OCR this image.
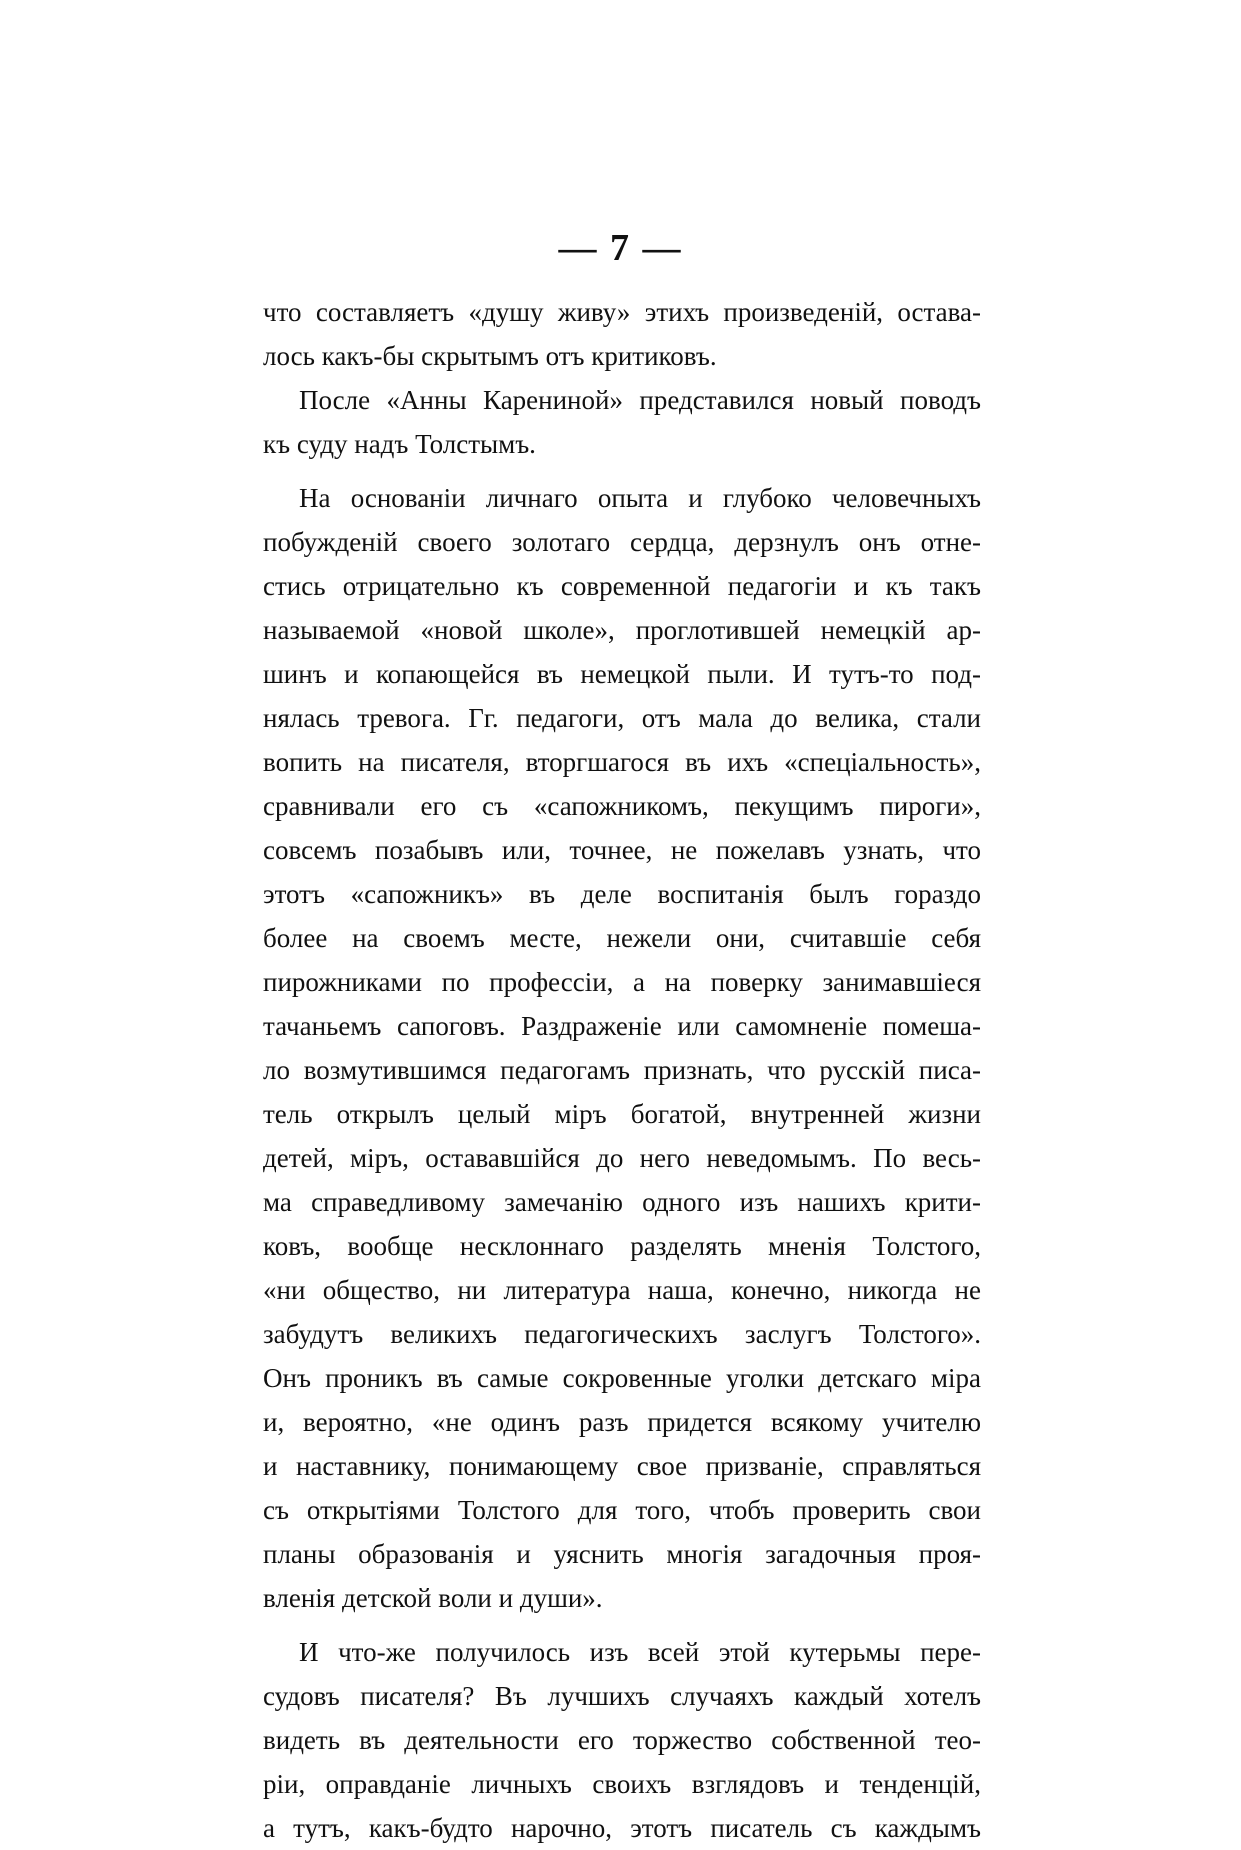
— 7 —
что составляетъ «душу живу» этихъ произведеній, остава-
лось какъ-бы скрытымъ отъ критиковъ.
После «Анны Карениной» представился новый поводъ
къ суду надъ Толстымъ.
На основаніи личнаго опыта и глубоко человечныхъ
побужденій своего золотаго сердца, дерзнулъ онъ отне-
стись отрицательно къ современной педагогіи и къ такъ
называемой «новой школе», проглотившей немецкій ар-
шинъ и копающейся въ немецкой пыли. И тутъ-то под-
нялась тревога. Гг. педагоги, отъ мала до велика, стали
вопить на писателя, вторгшагося въ ихъ «спеціальность»,
сравнивали его съ «сапожникомъ, пекущимъ пироги»,
совсемъ позабывъ или, точнее, не пожелавъ узнать, что
этотъ «сапожникъ» въ деле воспитанія былъ гораздо
более на своемъ месте, нежели они, считавшіе себя
пирожниками по профессіи, а на поверку занимавшіеся
тачаньемъ сапоговъ. Раздраженіе или самомненіе помеша-
ло возмутившимся педагогамъ признать, что русскій писа-
тель открылъ целый міръ богатой, внутренней жизни
детей, міръ, остававшійся до него неведомымъ. По весь-
ма справедливому замечанію одного изъ нашихъ крити-
ковъ, вообще несклоннаго разделять мненія Толстого,
«ни общество, ни литература наша, конечно, никогда не
забудутъ великихъ педагогическихъ заслугъ Толстого».
Онъ проникъ въ самые сокровенные уголки детскаго міра
и, вероятно, «не одинъ разъ придется всякому учителю
и наставнику, понимающему свое призваніе, справляться
съ открытіями Толстого для того, чтобъ проверить свои
планы образованія и уяснить многія загадочныя проя-
вленія детской воли и души».
И что-же получилось изъ всей этой кутерьмы пере-
судовъ писателя? Въ лучшихъ случаяхъ каждый хотелъ
видеть въ деятельности его торжество собственной тео-
ріи, оправданіе личныхъ своихъ взглядовъ и тенденцій,
а тутъ, какъ-будто нарочно, этотъ писатель съ каждымъ
